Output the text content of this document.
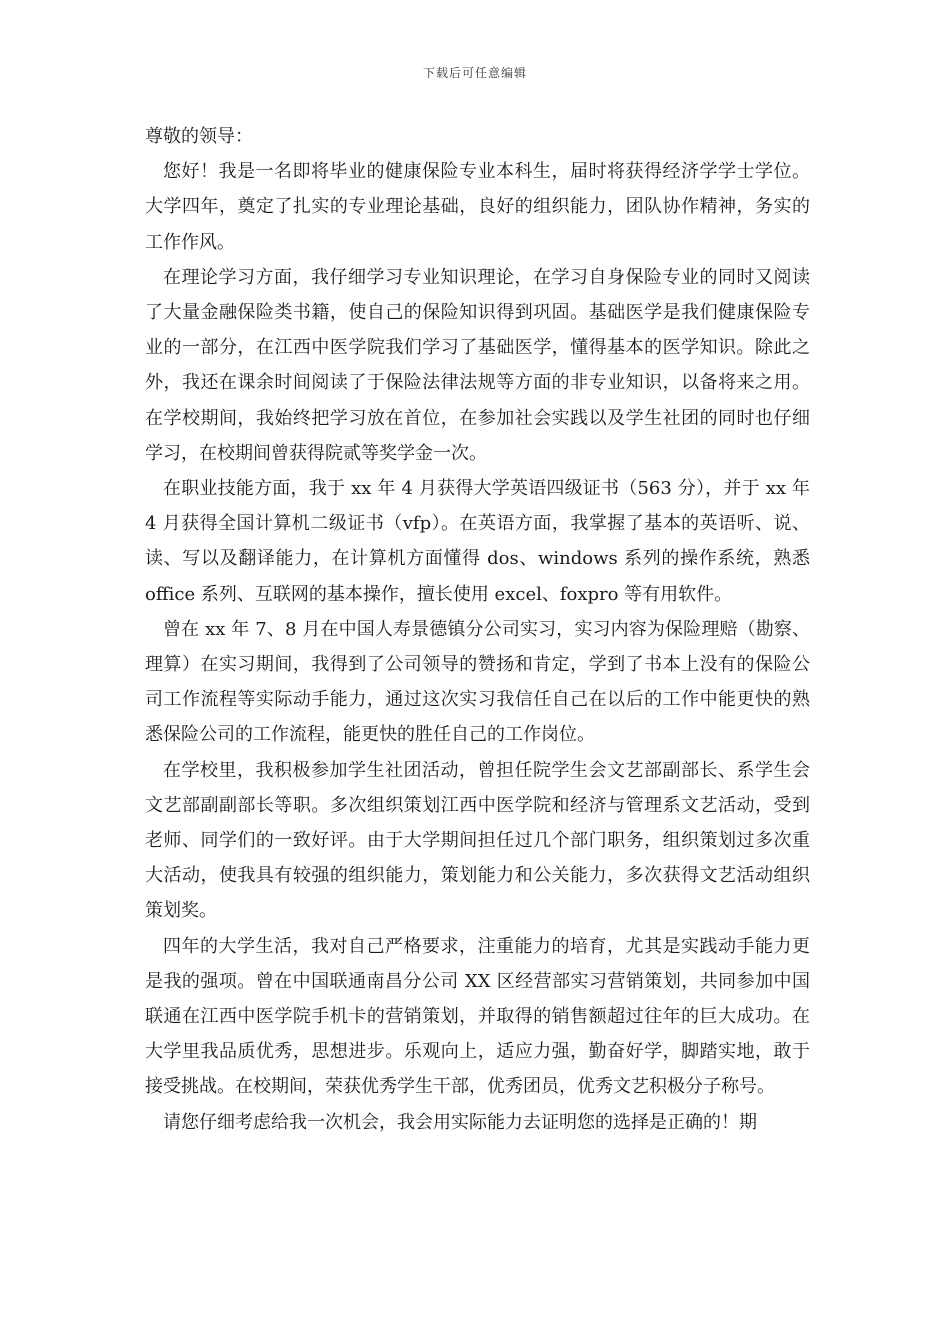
下载后可任意编辑

尊敬的领导：

您好！我是一名即将毕业的健康保险专业本科生，届时将获得经济学学士学位。大学四年，奠定了扎实的专业理论基础，良好的组织能力，团队协作精神，务实的工作作风。

在理论学习方面，我仔细学习专业知识理论，在学习自身保险专业的同时又阅读了大量金融保险类书籍，使自己的保险知识得到巩固。基础医学是我们健康保险专业的一部分，在江西中医学院我们学习了基础医学，懂得基本的医学知识。除此之外，我还在课余时间阅读了于保险法律法规等方面的非专业知识，以备将来之用。在学校期间，我始终把学习放在首位，在参加社会实践以及学生社团的同时也仔细学习，在校期间曾获得院贰等奖学金一次。

在职业技能方面，我于 xx 年 4 月获得大学英语四级证书（563 分），并于 xx 年 4 月获得全国计算机二级证书（vfp）。在英语方面，我掌握了基本的英语听、说、读、写以及翻译能力，在计算机方面懂得 dos、windows 系列的操作系统，熟悉 office 系列、互联网的基本操作，擅长使用 excel、foxpro 等有用软件。

曾在 xx 年 7、8 月在中国人寿景德镇分公司实习，实习内容为保险理赔（勘察、理算）在实习期间，我得到了公司领导的赞扬和肯定，学到了书本上没有的保险公司工作流程等实际动手能力，通过这次实习我信任自己在以后的工作中能更快的熟悉保险公司的工作流程，能更快的胜任自己的工作岗位。

在学校里，我积极参加学生社团活动，曾担任院学生会文艺部副部长、系学生会文艺部副副部长等职。多次组织策划江西中医学院和经济与管理系文艺活动，受到老师、同学们的一致好评。由于大学期间担任过几个部门职务，组织策划过多次重大活动，使我具有较强的组织能力，策划能力和公关能力，多次获得文艺活动组织策划奖。

四年的大学生活，我对自己严格要求，注重能力的培育，尤其是实践动手能力更是我的强项。曾在中国联通南昌分公司 XX 区经营部实习营销策划，共同参加中国联通在江西中医学院手机卡的营销策划，并取得的销售额超过往年的巨大成功。在大学里我品质优秀，思想进步。乐观向上，适应力强，勤奋好学，脚踏实地，敢于接受挑战。在校期间，荣获优秀学生干部，优秀团员，优秀文艺积极分子称号。

请您仔细考虑给我一次机会，我会用实际能力去证明您的选择是正确的！期
